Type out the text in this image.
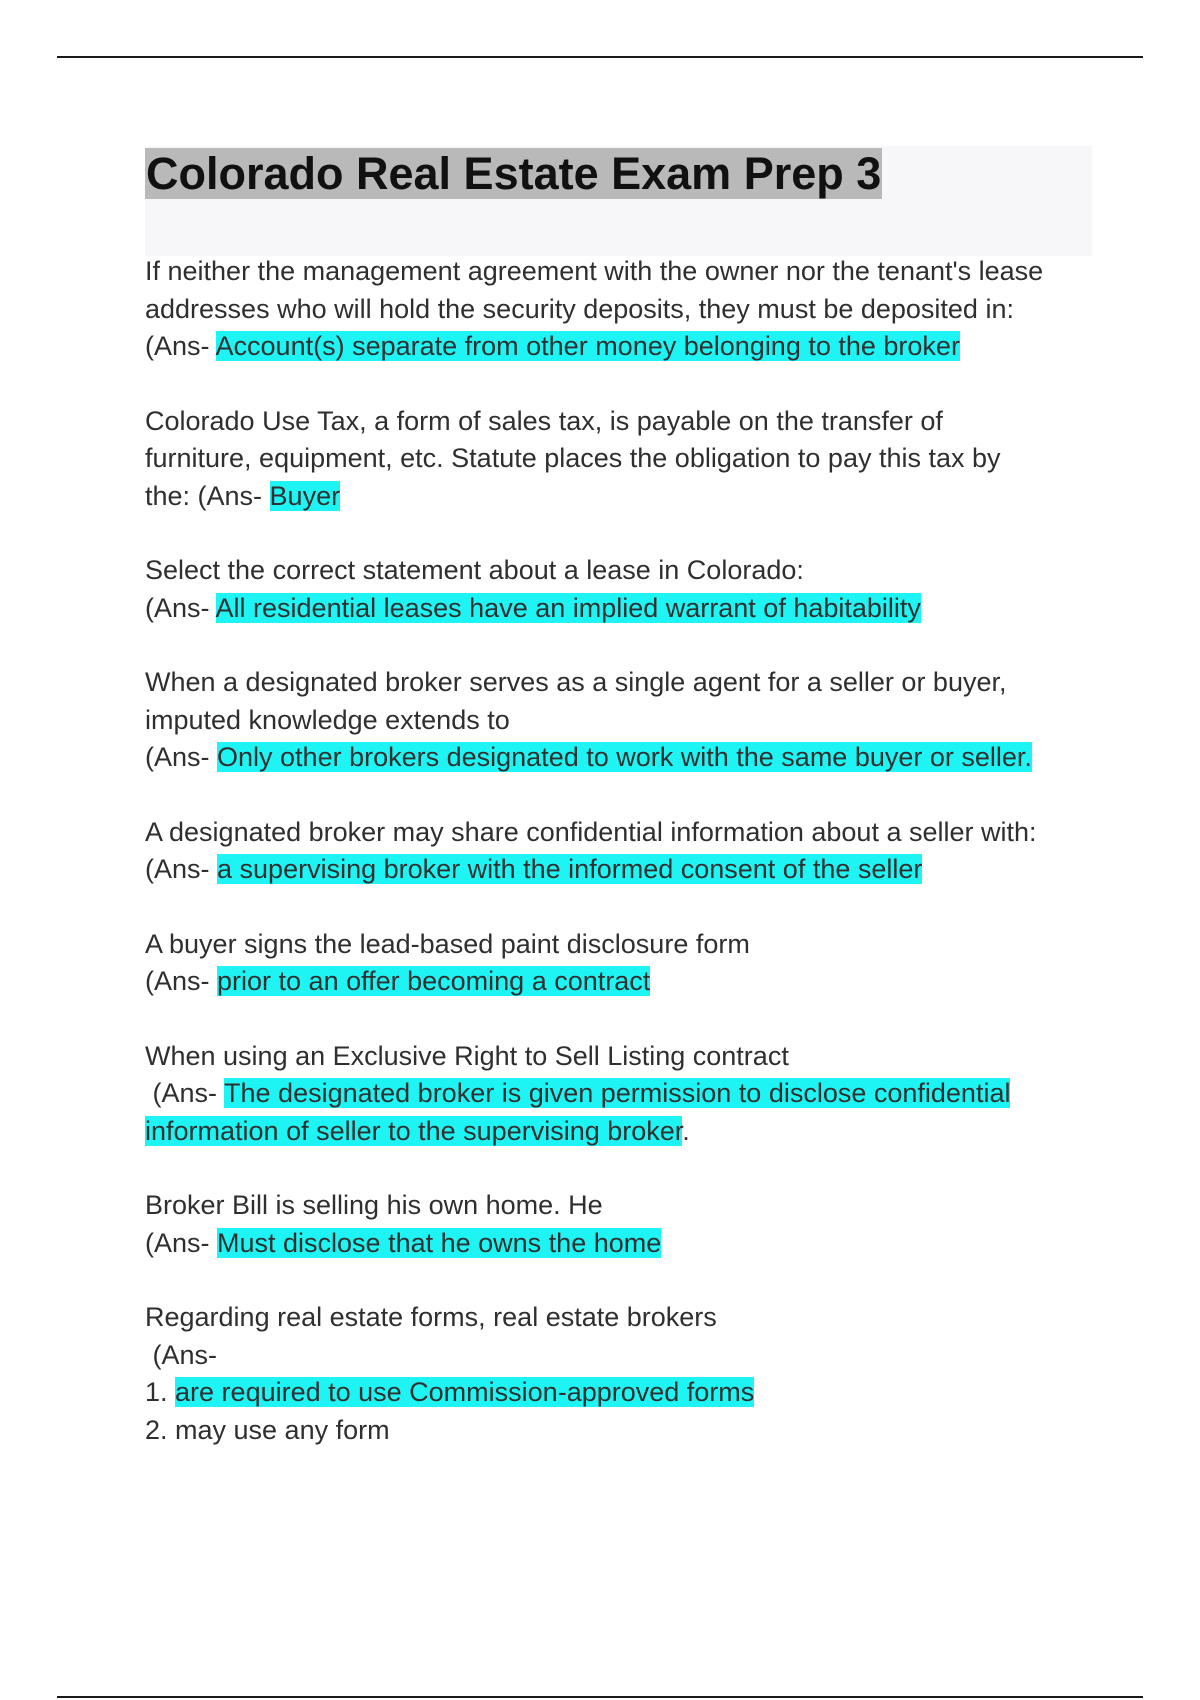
Colorado Real Estate Exam Prep 3
If neither the management agreement with the owner nor the tenant's lease
addresses who will hold the security deposits, they must be deposited in:
(Ans- Account(s) separate from other money belonging to the broker
Colorado Use Tax, a form of sales tax, is payable on the transfer of
furniture, equipment, etc. Statute places the obligation to pay this tax by
the: (Ans- Buyer
Select the correct statement about a lease in Colorado:
(Ans- All residential leases have an implied warrant of habitability
When a designated broker serves as a single agent for a seller or buyer,
imputed knowledge extends to
(Ans- Only other brokers designated to work with the same buyer or seller.
A designated broker may share confidential information about a seller with:
(Ans- a supervising broker with the informed consent of the seller
A buyer signs the lead-based paint disclosure form
(Ans- prior to an offer becoming a contract
When using an Exclusive Right to Sell Listing contract
(Ans- The designated broker is given permission to disclose confidential
information of seller to the supervising broker.
Broker Bill is selling his own home. He
(Ans- Must disclose that he owns the home
Regarding real estate forms, real estate brokers
(Ans-
1. are required to use Commission-approved forms
2. may use any form
